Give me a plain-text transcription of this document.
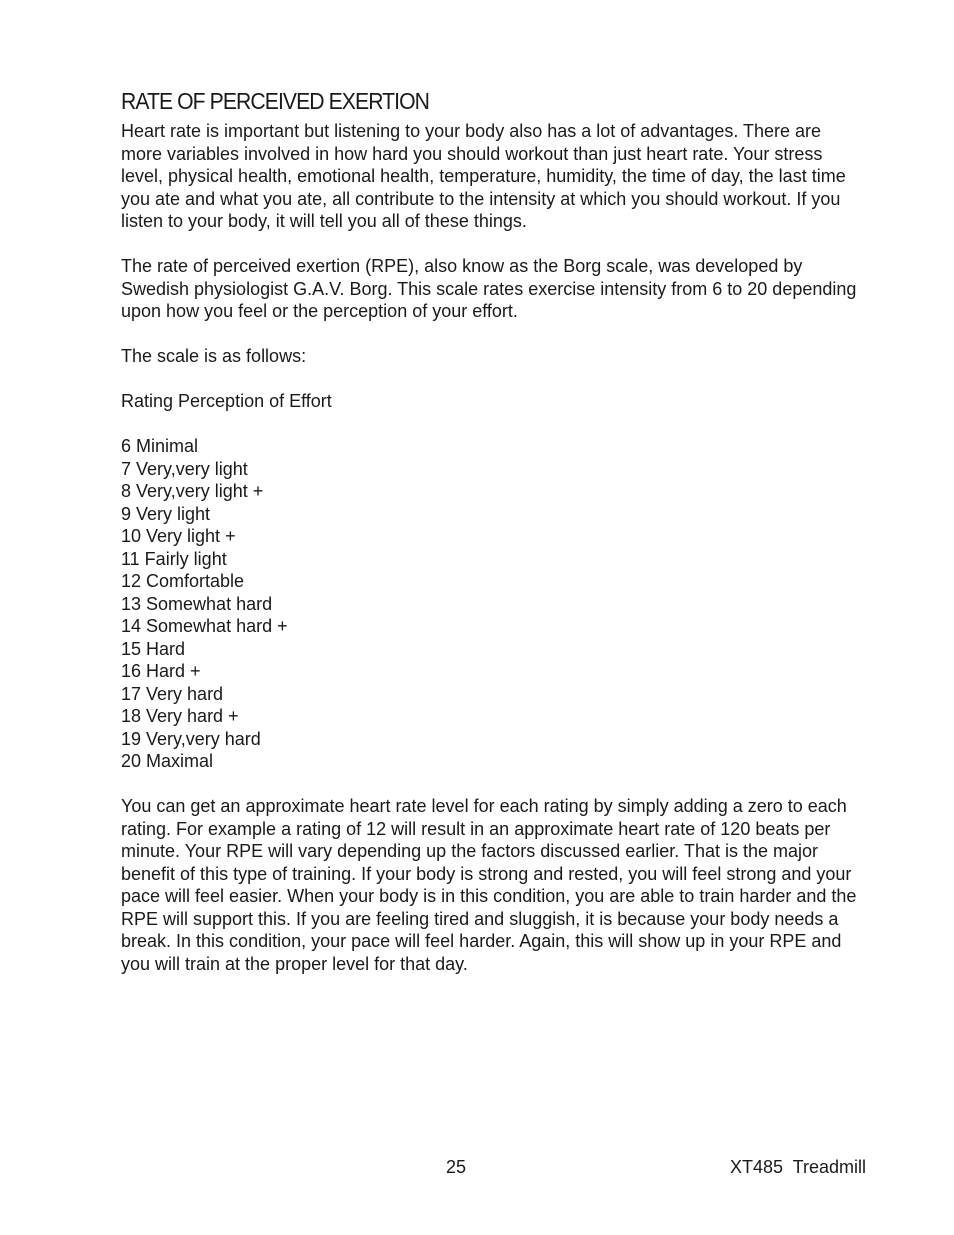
RATE OF PERCEIVED EXERTION

Heart rate is important but listening to your body also has a lot of advantages. There are more variables involved in how hard you should workout than just heart rate. Your stress level, physical health, emotional health, temperature, humidity, the time of day, the last time you ate and what you ate, all contribute to the intensity at which you should workout. If you listen to your body, it will tell you all of these things.

The rate of perceived exertion (RPE), also know as the Borg scale, was developed by Swedish physiologist G.A.V. Borg. This scale rates exercise intensity from 6 to 20 depending upon how you feel or the perception of your effort.

The scale is as follows:

Rating Perception of Effort

6 Minimal
7 Very,very light
8 Very,very light +
9 Very light
10 Very light +
11 Fairly light
12 Comfortable
13 Somewhat hard
14 Somewhat hard +
15 Hard
16 Hard +
17 Very hard
18 Very hard +
19 Very,very hard
20 Maximal

You can get an approximate heart rate level for each rating by simply adding a zero to each rating. For example a rating of 12 will result in an approximate heart rate of 120 beats per minute. Your RPE will vary depending up the factors discussed earlier. That is the major benefit of this type of training. If your body is strong and rested, you will feel strong and your pace will feel easier. When your body is in this condition, you are able to train harder and the RPE will support this. If you are feeling tired and sluggish, it is because your body needs a break. In this condition, your pace will feel harder. Again, this will show up in your RPE and you will train at the proper level for that day.

25	XT485  Treadmill
